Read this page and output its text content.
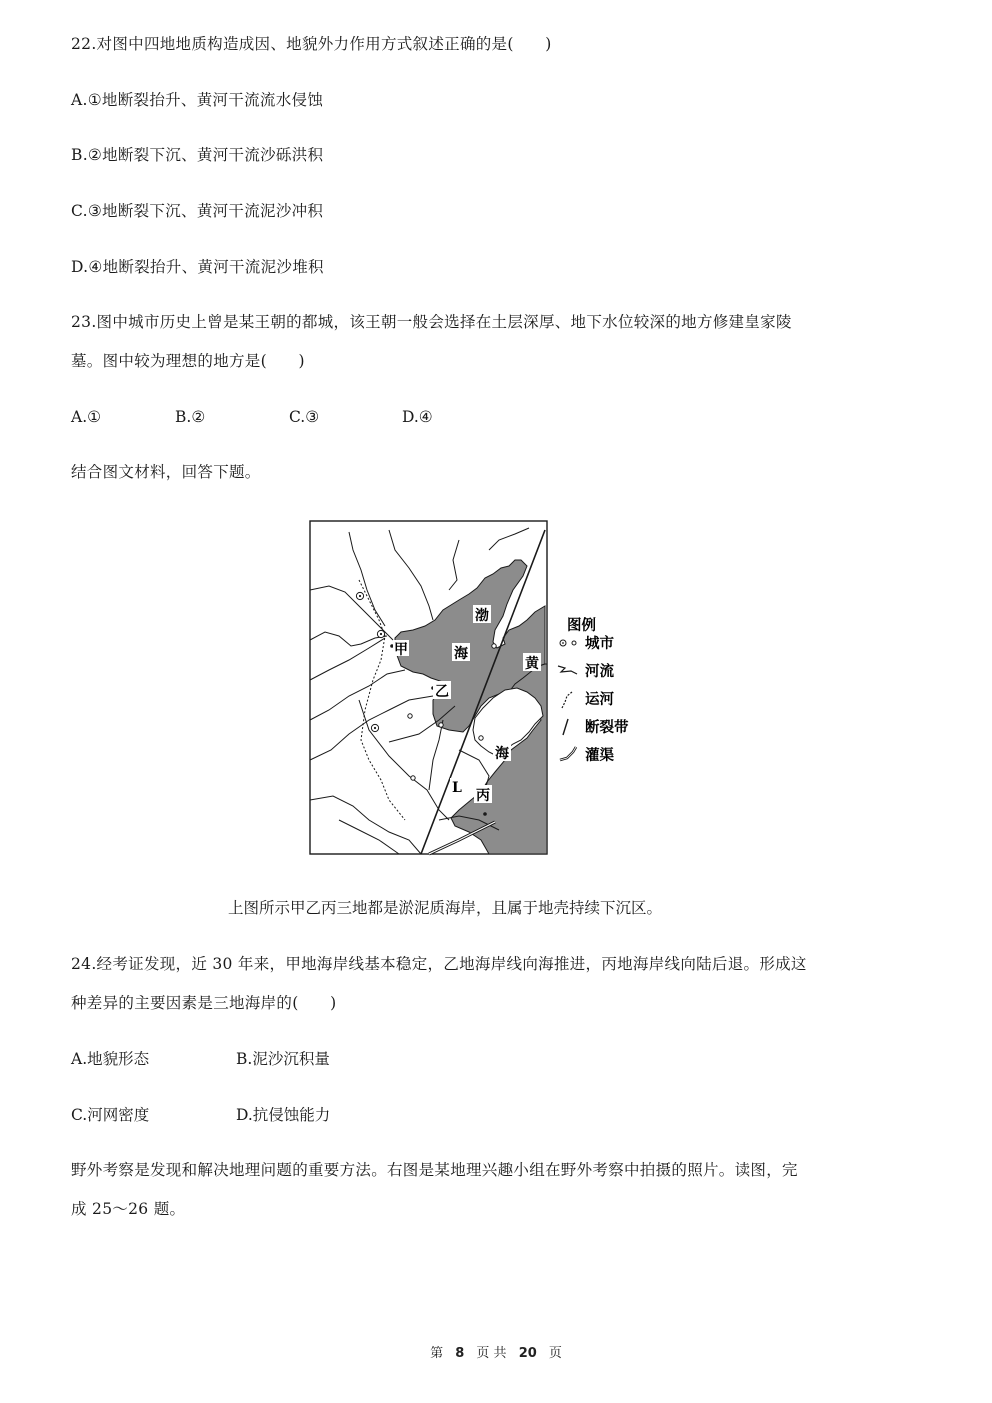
22.对图中四地地质构造成因、地貌外力作用方式叙述正确的是(　　)
A.①地断裂抬升、黄河干流流水侵蚀
B.②地断裂下沉、黄河干流沙砾洪积
C.③地断裂下沉、黄河干流泥沙冲积
D.④地断裂抬升、黄河干流泥沙堆积
23.图中城市历史上曾是某王朝的都城，该王朝一般会选择在土层深厚、地下水位较深的地方修建皇家陵
墓。图中较为理想的地方是(　　)
A.①	B.②	C.③	D.④
结合图文材料，回答下题。
渤
海
黄
海
甲
乙
丙
L
图例
城市
河流
运河
断裂带
灌渠
上图所示甲乙丙三地都是淤泥质海岸，且属于地壳持续下沉区。
24.经考证发现，近 30 年来，甲地海岸线基本稳定，乙地海岸线向海推进，丙地海岸线向陆后退。形成这
种差异的主要因素是三地海岸的(　　)
A.地貌形态	B.泥沙沉积量
C.河网密度	D.抗侵蚀能力
野外考察是发现和解决地理问题的重要方法。右图是某地理兴趣小组在野外考察中拍摄的照片。读图，完
成 25～26 题。
第 8 页 共 20 页
